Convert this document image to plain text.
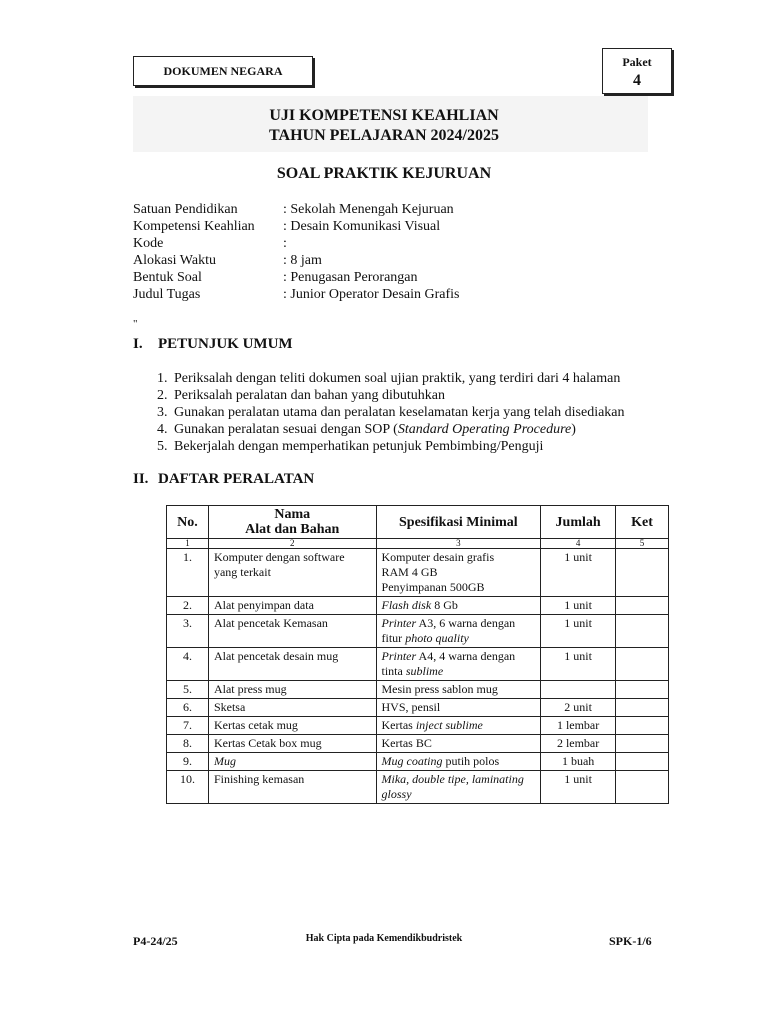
DOKUMEN NEGARA
Paket
4
UJI KOMPETENSI KEAHLIAN
TAHUN PELAJARAN 2024/2025
SOAL PRAKTIK KEJURUAN
Satuan Pendidikan	: Sekolah Menengah Kejuruan
Kompetensi Keahlian	: Desain Komunikasi Visual
Kode	:
Alokasi Waktu	: 8 jam
Bentuk Soal	: Penugasan Perorangan
Judul Tugas	: Junior Operator Desain Grafis
"
I. PETUNJUK UMUM
1. Periksalah dengan teliti dokumen soal ujian praktik, yang terdiri dari 4 halaman
2. Periksalah peralatan dan bahan yang dibutuhkan
3. Gunakan peralatan utama dan peralatan keselamatan kerja yang telah disediakan
4. Gunakan peralatan sesuai dengan SOP (Standard Operating Procedure)
5. Bekerjalah dengan memperhatikan petunjuk Pembimbing/Penguji
II. DAFTAR PERALATAN
No.	Nama
Alat dan Bahan	Spesifikasi Minimal	Jumlah	Ket
1	2	3	4	5
1.	Komputer dengan software yang terkait	Komputer desain grafis
RAM 4 GB
Penyimpanan 500GB	1 unit	
2.	Alat penyimpan data	Flash disk 8 Gb	1 unit	
3.	Alat pencetak Kemasan	Printer A3, 6 warna dengan fitur photo quality	1 unit	
4.	Alat pencetak desain mug	Printer A4, 4 warna dengan tinta sublime	1 unit	
5.	Alat press mug	Mesin press sablon mug		
6.	Sketsa	HVS, pensil	2 unit	
7.	Kertas cetak mug	Kertas inject sublime	1 lembar	
8.	Kertas Cetak box mug	Kertas BC	2 lembar	
9.	Mug	Mug coating putih polos	1 buah	
10.	Finishing kemasan	Mika, double tipe, laminating glossy	1 unit	
P4-24/25	Hak Cipta pada Kemendikbudristek	SPK-1/6
